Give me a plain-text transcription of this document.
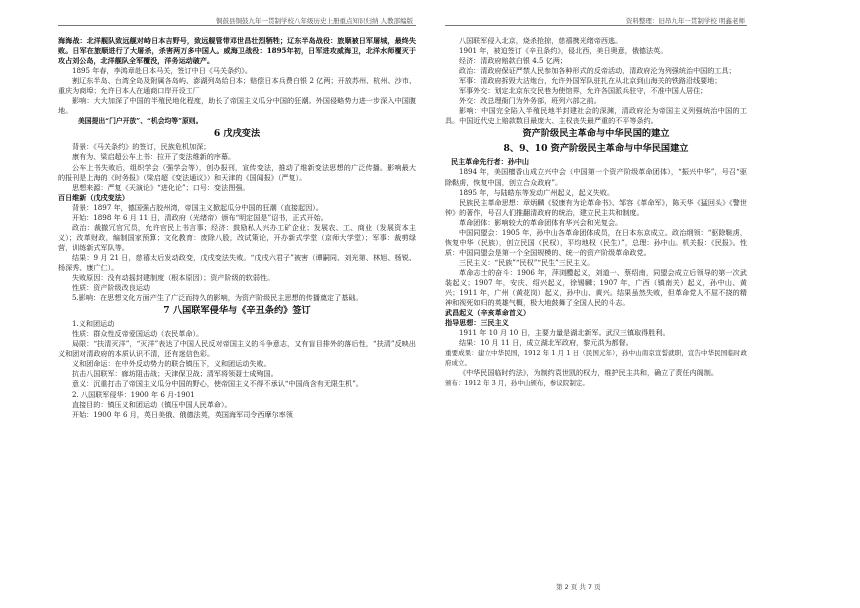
铜鼓县铜鼓九年一贯制学校八年级历史上册重点知识归纳 人教部编版	资料整理：旧昂九年一贯制学校 明鑫老师

海海战：北洋舰队致远舰对峙日本吉野号，致远舰管带邓世昌壮烈牺牲；辽东半岛战役：旅顺被日军屠城，最终失败。日军在旅顺进行了大屠杀，杀害两万多中国人。威海卫战役：1895年初，日军进攻威海卫，北洋水师覆灭于攻占刘公岛，北洋舰队全军覆没，洋务运动破产。

1895 年春，李鸿章赴日本马关，签订中日《马关条约》。

割辽东半岛、台湾全岛及附属各岛屿、澎湖列岛给日本；赔偿日本兵费白银 2 亿两；开放苏州、杭州、沙市、重庆为商埠；允许日本人在通商口岸开设工厂

影响：大大加深了中国的半殖民地化程度，助长了帝国主义瓜分中国的狂潮。外国侵略势力进一步深入中国腹地。

美国提出“门户开放”、“机会均等”原则。

6 戊戌变法

背景：《马关条约》的签订，民族危机加深；

康有为、梁启超公车上书：拉开了变法维新的序幕。

公车上书失败后，组织学会（强学会等），创办报刊，宣传变法，推动了维新变法思想的广泛传播。影响最大的报刊是上海的《时务报》（梁启超《变法通议》）和天津的《国闻报》（严复）。

思想来源：严复《天演论》“进化论”；口号：变法图强。

百日维新（戊戌变法）

背景：1897 年，德国强占胶州湾，帝国主义掀起瓜分中国的狂潮（直接起因）。

开始：1898 年 6 月 11 日，清政府（光绪帝）颁布“明定国是”诏书，正式开始。

政治：裁撤冗官冗员，允许官民上书言事；经济：鼓励私人兴办工矿企业；发展农、工、商业（发展资本主义）；改革财政，编制国家预算；文化教育：废除八股，改试策论，开办新式学堂（京师大学堂）；军事：裁剪绿营，训练新式军队等。

结果：9 月 21 日，慈禧太后发动政变，戊戌变法失败。“戊戌六君子”被害（谭嗣同、刘光第、林旭、杨锐、杨深秀、康广仁）。

失败原因：没有动摇封建制度（根本原因）；资产阶级的软弱性。

性质：资产阶级改良运动

5.影响：在思想文化方面产生了广泛而持久的影响，为资产阶级民主思想的传播奠定了基础。

7 八国联军侵华与《辛丑条约》签订

1.义和团运动

性质：群众性反帝爱国运动（农民革命）。

局限：“扶清灭洋”，“灭洋”表达了中国人民反对帝国主义的斗争意志，又有盲目排外的落后性，“扶清”反映出义和团对清政府的本质认识不清，还有迷信色彩。

义和团命运：在中外反动势力的联合镇压下，义和团运动失败。

抗击八国联军：廊坊阻击战；天津保卫战；清军将领聂士成殉国。

意义：沉重打击了帝国主义瓜分中国的野心，使帝国主义不得不承认“中国尚含有无限生机”。

2. 八国联军侵华：1900 年 6 月-1901

直接目的：镇压义和团运动（镇压中国人民革命）。

开始：1900 年 6 月，英日美俄、俄德法英，英国海军司令西摩尔率领

八国联军侵入北京，烧杀抢掠，慈禧携光绪帝西逃。

1901 年，被迫签订《辛丑条约》，侵北西，美日奥意，俄德法英。

经济：清政府赔款白银 4.5 亿两；

政治：清政府保证严禁人民参加各种形式的反帝活动，清政府沦为列强统治中国的工具；

军事：清政府拆毁大沽炮台，允许外国军队驻扎在从北京到山海关的铁路沿线要地；

军事外交：划定北京东交民巷为使馆界，允许各国派兵驻守，不准中国人居住；

外交：改总理衙门为外务部，班列六部之前。

影响：中国完全陷入半殖民地半封建社会的深渊，清政府沦为帝国主义列强统治中国的工具。中国近代史上赔款数目最庞大、主权丧失最严重的不平等条约。

资产阶级民主革命与中华民国的建立

8、9、10 资产阶级民主革命与中华民国建立

民主革命先行者：孙中山

1894 年，美国檀香山成立兴中会（中国第一个资产阶级革命团体），“振兴中华”，号召“驱除鞑虏，恢复中国，创立合众政府”。

1895 年，与陆皓东等发动广州起义，起义失败。

民族民主革命思想：章炳麟《驳康有为论革命书》、邹容《革命军》，陈天华《猛回头》《警世钟》的著作，号召人们推翻清政府的统治，建立民主共和制度。

革命团体：影响较大的革命团体有华兴会和光复会。

中国同盟会：1905 年，孙中山各革命团体成员，在日本东京成立。政治纲领：“驱除鞑虏，恢复中华（民族），创立民国（民权），平均地权（民生）”，总理：孙中山。机关报：《民报》。性质：中国同盟会是第一个全国规模的、统一的资产阶级革命政党。

三民主义：“民族”“民权”“民生”三民主义。

革命志士的奋斗：1906 年，萍浏醴起义，刘道一、蔡绍南，同盟会成立后领导的第一次武装起义；1907 年，安庆、绍兴起义，徐锡麟；1907 年，广西（镇南关）起义，孙中山、黄兴；1911 年，广州（黄花岗）起义，孙中山、黄兴。结果虽然失败，但革命党人不屈不挠的精神和视死如归的英雄气概，极大地鼓舞了全国人民的斗志。

武昌起义（辛亥革命首义）

指导思想：三民主义

1911 年 10 月 10 日，主要力量是湖北新军。武汉三镇取得胜利。

结果：10 月 11 日，成立湖北军政府，黎元洪为都督。

重要成果：建立中华民国，1912 年 1 月 1 日（民国元年），孙中山南京宣誓就职，宣告中华民国临时政府成立。

《中华民国临时约法》，为制约袁世凯的权力，维护民主共和，确立了责任内阁制。

颁布：1912 年 3 月，孙中山颁布，参议院制定。

第 2 页 共 7 页
